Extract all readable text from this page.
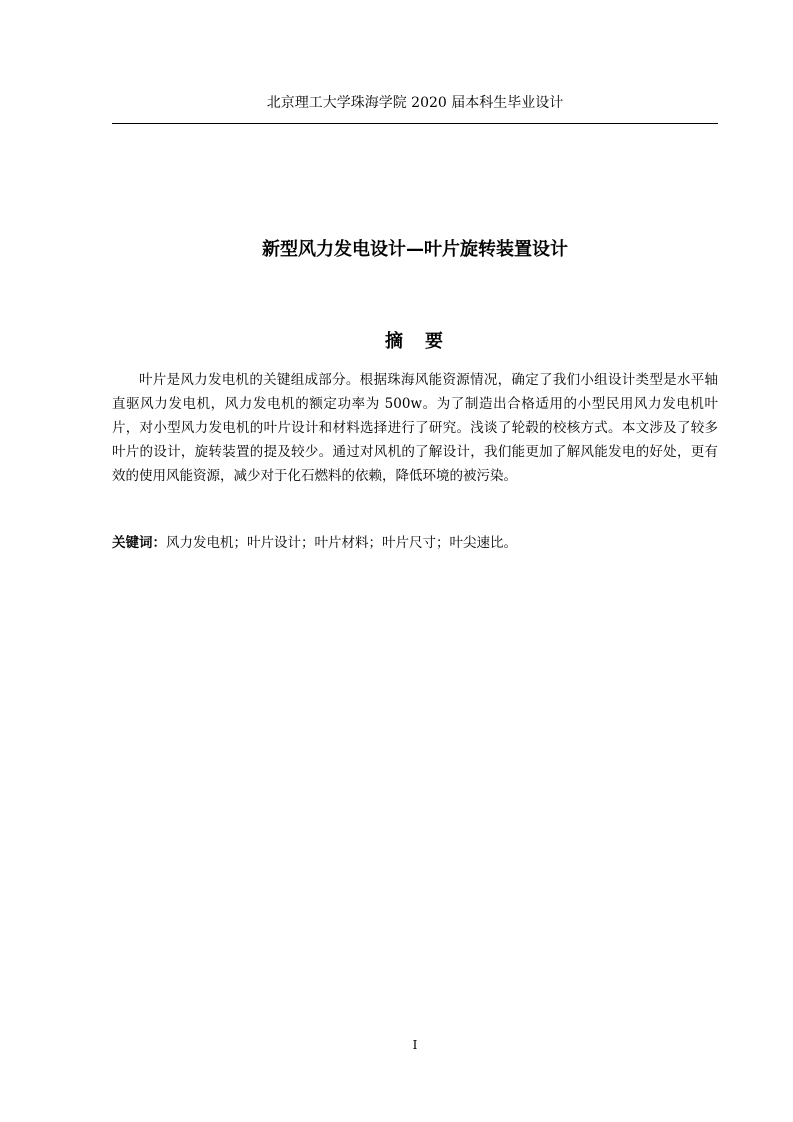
北京理工大学珠海学院 2020 届本科生毕业设计
新型风力发电设计—叶片旋转装置设计
摘　要

叶片是风力发电机的关键组成部分。根据珠海风能资源情况，确定了我们小组设计类型是水平轴直驱风力发电机，风力发电机的额定功率为 500w。为了制造出合格适用的小型民用风力发电机叶片，对小型风力发电机的叶片设计和材料选择进行了研究。浅谈了轮毂的校核方式。本文涉及了较多叶片的设计，旋转装置的提及较少。通过对风机的了解设计，我们能更加了解风能发电的好处，更有效的使用风能资源，减少对于化石燃料的依赖，降低环境的被污染。

关键词：风力发电机；叶片设计；叶片材料；叶片尺寸；叶尖速比。

I
